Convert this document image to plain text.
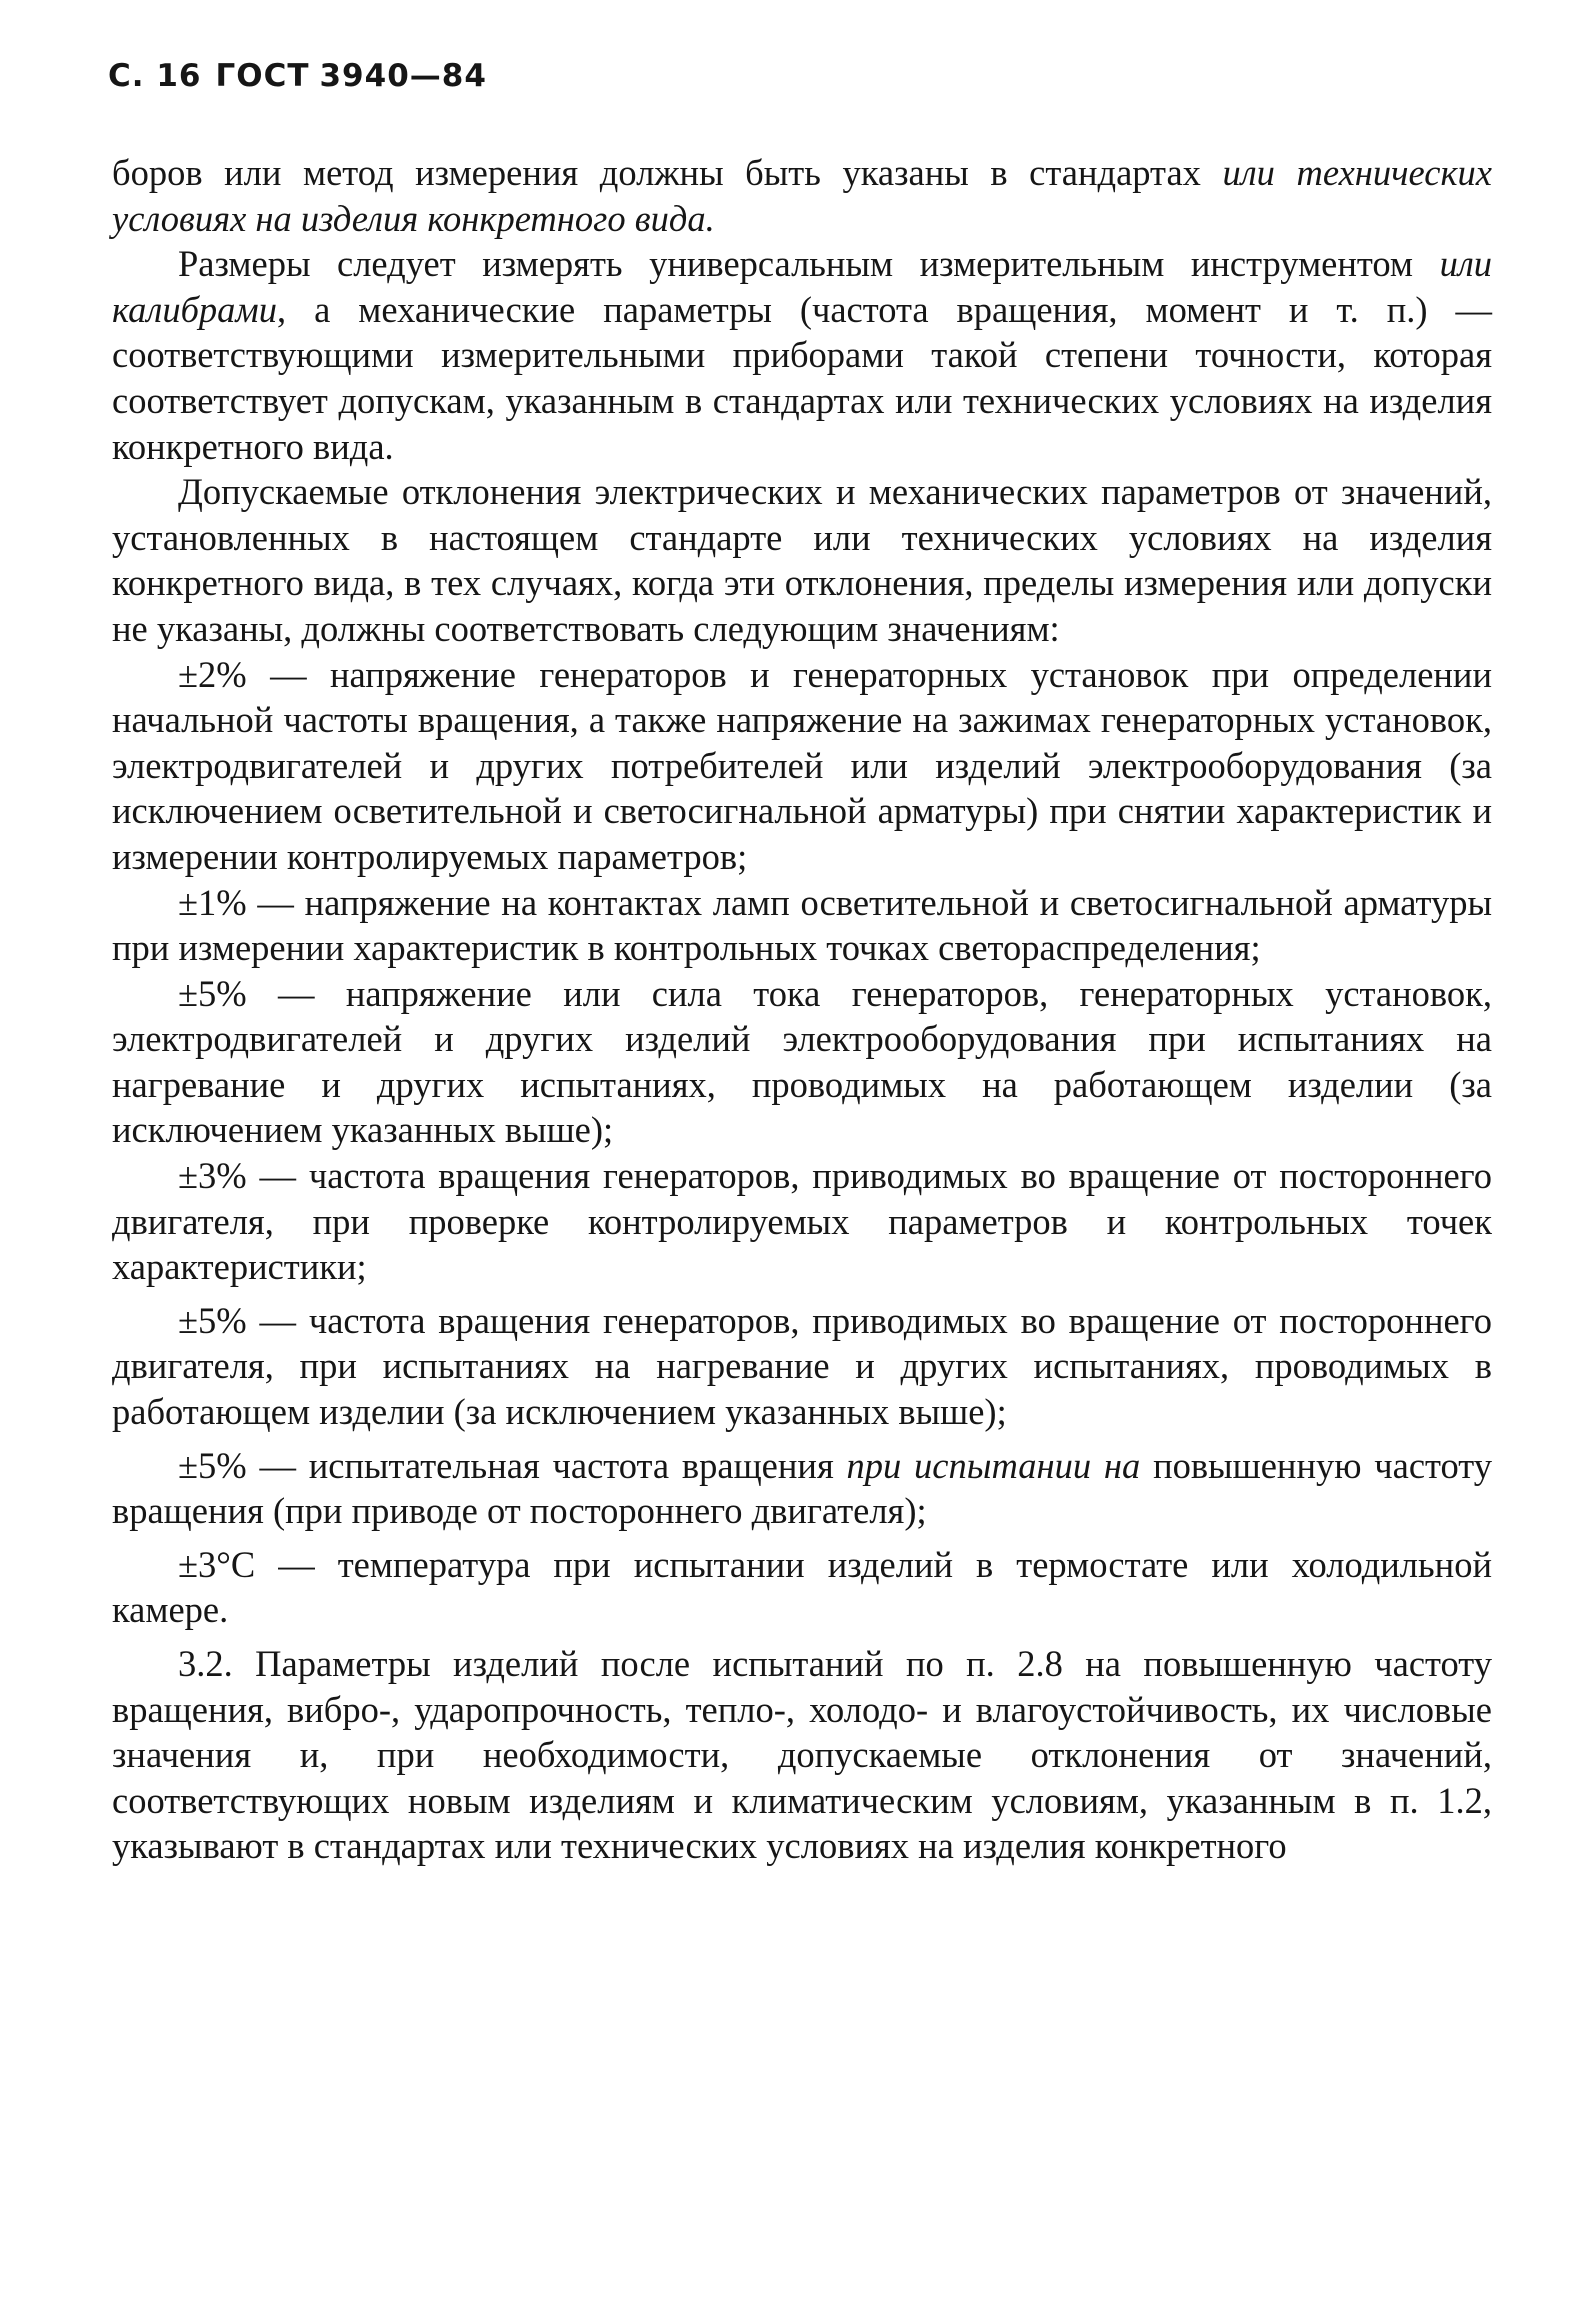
С. 16 ГОСТ 3940—84

боров или метод измерения должны быть указаны в стандартах или технических условиях на изделия конкретного вида.

Размеры следует измерять универсальным измерительным инструментом или калибрами, а механические параметры (частота вращения, момент и т. п.) — соответствующими измерительными приборами такой степени точности, которая соответствует допускам, указанным в стандартах или технических условиях на изделия конкретного вида.

Допускаемые отклонения электрических и механических параметров от значений, установленных в настоящем стандарте или технических условиях на изделия конкретного вида, в тех случаях, когда эти отклонения, пределы измерения или допуски не указаны, должны соответствовать следующим значениям:

±2% — напряжение генераторов и генераторных установок при определении начальной частоты вращения, а также напряжение на зажимах генераторных установок, электродвигателей и других потребителей или изделий электрооборудования (за исключением осветительной и светосигнальной арматуры) при снятии характеристик и измерении контролируемых параметров;

±1% — напряжение на контактах ламп осветительной и светосигнальной арматуры при измерении характеристик в контрольных точках светораспределения;

±5% — напряжение или сила тока генераторов, генераторных установок, электродвигателей и других изделий электрооборудования при испытаниях на нагревание и других испытаниях, проводимых на работающем изделии (за исключением указанных выше);

±3% — частота вращения генераторов, приводимых во вращение от постороннего двигателя, при проверке контролируемых параметров и контрольных точек характеристики;

±5% — частота вращения генераторов, приводимых во вращение от постороннего двигателя, при испытаниях на нагревание и других испытаниях, проводимых в работающем изделии (за исключением указанных выше);

±5% — испытательная частота вращения при испытании на повышенную частоту вращения (при приводе от постороннего двигателя);

±3°С — температура при испытании изделий в термостате или холодильной камере.

3.2. Параметры изделий после испытаний по п. 2.8 на повышенную частоту вращения, вибро-, ударопрочность, тепло-, холодо- и влагоустойчивость, их числовые значения и, при необходимости, допускаемые отклонения от значений, соответствующих новым изделиям и климатическим условиям, указанным в п. 1.2, указывают в стандартах или технических условиях на изделия конкретного
